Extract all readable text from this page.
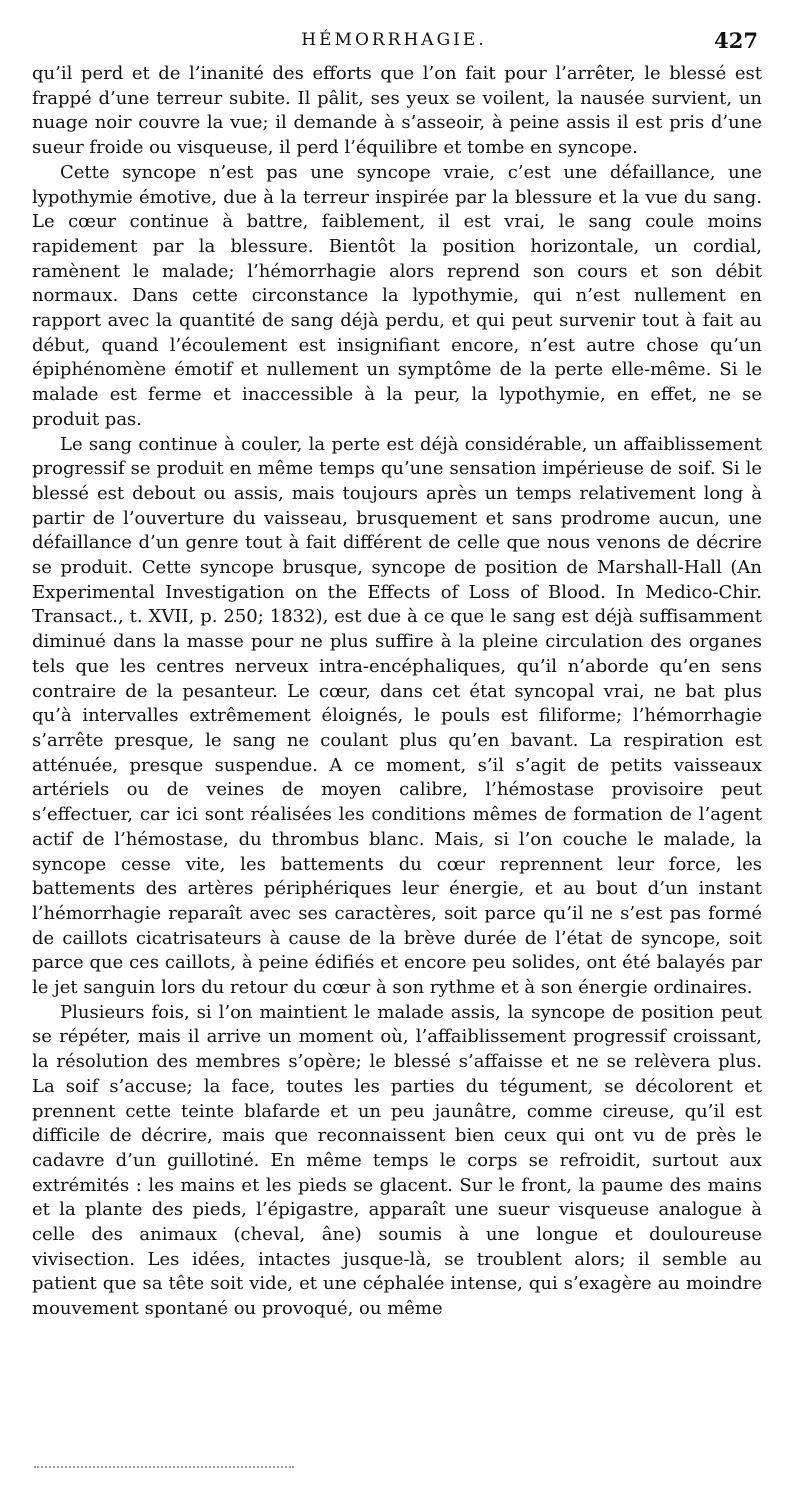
HÉMORRHAGIE.	427

qu’il perd et de l’inanité des efforts que l’on fait pour l’arrêter, le blessé est frappé d’une terreur subite. Il pâlit, ses yeux se voilent, la nausée survient, un nuage noir couvre la vue; il demande à s’asseoir, à peine assis il est pris d’une sueur froide ou visqueuse, il perd l’équilibre et tombe en syncope.

Cette syncope n’est pas une syncope vraie, c’est une défaillance, une lypothymie émotive, due à la terreur inspirée par la blessure et la vue du sang. Le cœur continue à battre, faiblement, il est vrai, le sang coule moins rapidement par la blessure. Bientôt la position horizontale, un cordial, ramènent le malade; l’hémorrhagie alors reprend son cours et son débit normaux. Dans cette circonstance la lypothymie, qui n’est nullement en rapport avec la quantité de sang déjà perdu, et qui peut survenir tout à fait au début, quand l’écoulement est insignifiant encore, n’est autre chose qu’un épiphénomène émotif et nullement un symptôme de la perte elle-même. Si le malade est ferme et inaccessible à la peur, la lypothymie, en effet, ne se produit pas.

Le sang continue à couler, la perte est déjà considérable, un affaiblissement progressif se produit en même temps qu’une sensation impérieuse de soif. Si le blessé est debout ou assis, mais toujours après un temps relativement long à partir de l’ouverture du vaisseau, brusquement et sans prodrome aucun, une défaillance d’un genre tout à fait différent de celle que nous venons de décrire se produit. Cette syncope brusque, syncope de position de Marshall-Hall (An Experimental Investigation on the Effects of Loss of Blood. In Medico-Chir. Transact., t. XVII, p. 250; 1832), est due à ce que le sang est déjà suffisamment diminué dans la masse pour ne plus suffire à la pleine circulation des organes tels que les centres nerveux intra-encéphaliques, qu’il n’aborde qu’en sens contraire de la pesanteur. Le cœur, dans cet état syncopal vrai, ne bat plus qu’à intervalles extrêmement éloignés, le pouls est filiforme; l’hémorrhagie s’arrête presque, le sang ne coulant plus qu’en bavant. La respiration est atténuée, presque suspendue. A ce moment, s’il s’agit de petits vaisseaux artériels ou de veines de moyen calibre, l’hémostase provisoire peut s’effectuer, car ici sont réalisées les conditions mêmes de formation de l’agent actif de l’hémostase, du thrombus blanc. Mais, si l’on couche le malade, la syncope cesse vite, les battements du cœur reprennent leur force, les battements des artères périphériques leur énergie, et au bout d’un instant l’hémorrhagie reparaît avec ses caractères, soit parce qu’il ne s’est pas formé de caillots cicatrisateurs à cause de la brève durée de l’état de syncope, soit parce que ces caillots, à peine édifiés et encore peu solides, ont été balayés par le jet sanguin lors du retour du cœur à son rythme et à son énergie ordinaires.

Plusieurs fois, si l’on maintient le malade assis, la syncope de position peut se répéter, mais il arrive un moment où, l’affaiblissement progressif croissant, la résolution des membres s’opère; le blessé s’affaisse et ne se relèvera plus. La soif s’accuse; la face, toutes les parties du tégument, se décolorent et prennent cette teinte blafarde et un peu jaunâtre, comme cireuse, qu’il est difficile de décrire, mais que reconnaissent bien ceux qui ont vu de près le cadavre d’un guillotiné. En même temps le corps se refroidit, surtout aux extrémités : les mains et les pieds se glacent. Sur le front, la paume des mains et la plante des pieds, l’épigastre, apparaît une sueur visqueuse analogue à celle des animaux (cheval, âne) soumis à une longue et douloureuse vivisection. Les idées, intactes jusque-là, se troublent alors; il semble au patient que sa tête soit vide, et une céphalée intense, qui s’exagère au moindre mouvement spontané ou provoqué, ou même
